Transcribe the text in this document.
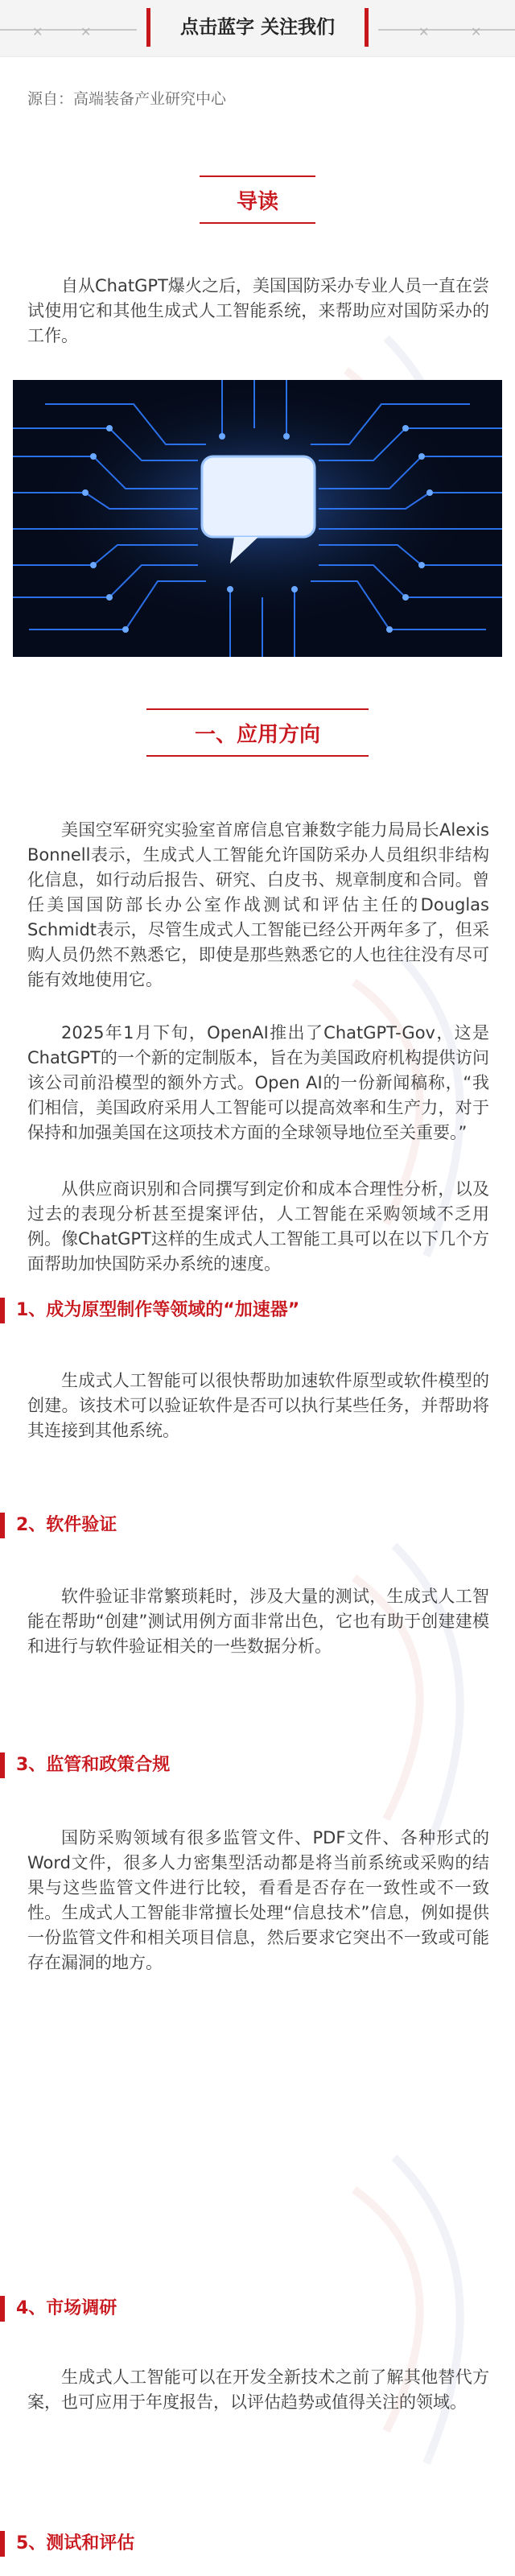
✕	✕	✕	✕
点击蓝字 关注我们
源自：高端装备产业研究中心
导读

自从ChatGPT爆火之后，美国国防采办专业人员一直在尝试使用它和其他生成式人工智能系统，来帮助应对国防采办的工作。

一、应用方向

美国空军研究实验室首席信息官兼数字能力局局长Alexis Bonnell表示，生成式人工智能允许国防采办人员组织非结构化信息，如行动后报告、研究、白皮书、规章制度和合同。曾任美国国防部长办公室作战测试和评估主任的Douglas Schmidt表示，尽管生成式人工智能已经公开两年多了，但采购人员仍然不熟悉它，即使是那些熟悉它的人也往往没有尽可能有效地使用它。

2025年1月下旬，OpenAI推出了ChatGPT-Gov，这是ChatGPT的一个新的定制版本，旨在为美国政府机构提供访问该公司前沿模型的额外方式。Open AI的一份新闻稿称，“我们相信，美国政府采用人工智能可以提高效率和生产力，对于保持和加强美国在这项技术方面的全球领导地位至关重要。”

从供应商识别和合同撰写到定价和成本合理性分析，以及过去的表现分析甚至提案评估，人工智能在采购领域不乏用例。像ChatGPT这样的生成式人工智能工具可以在以下几个方面帮助加快国防采办系统的速度。

1、成为原型制作等领域的“加速器”

生成式人工智能可以很快帮助加速软件原型或软件模型的创建。该技术可以验证软件是否可以执行某些任务，并帮助将其连接到其他系统。

2、软件验证

软件验证非常繁琐耗时，涉及大量的测试，生成式人工智能在帮助“创建”测试用例方面非常出色，它也有助于创建建模和进行与软件验证相关的一些数据分析。

3、监管和政策合规

国防采购领域有很多监管文件、PDF文件、各种形式的Word文件，很多人力密集型活动都是将当前系统或采购的结果与这些监管文件进行比较，看看是否存在一致性或不一致性。生成式人工智能非常擅长处理“信息技术”信息，例如提供一份监管文件和相关项目信息，然后要求它突出不一致或可能存在漏洞的地方。

4、市场调研

生成式人工智能可以在开发全新技术之前了解其他替代方案，也可应用于年度报告，以评估趋势或值得关注的领域。

5、测试和评估
